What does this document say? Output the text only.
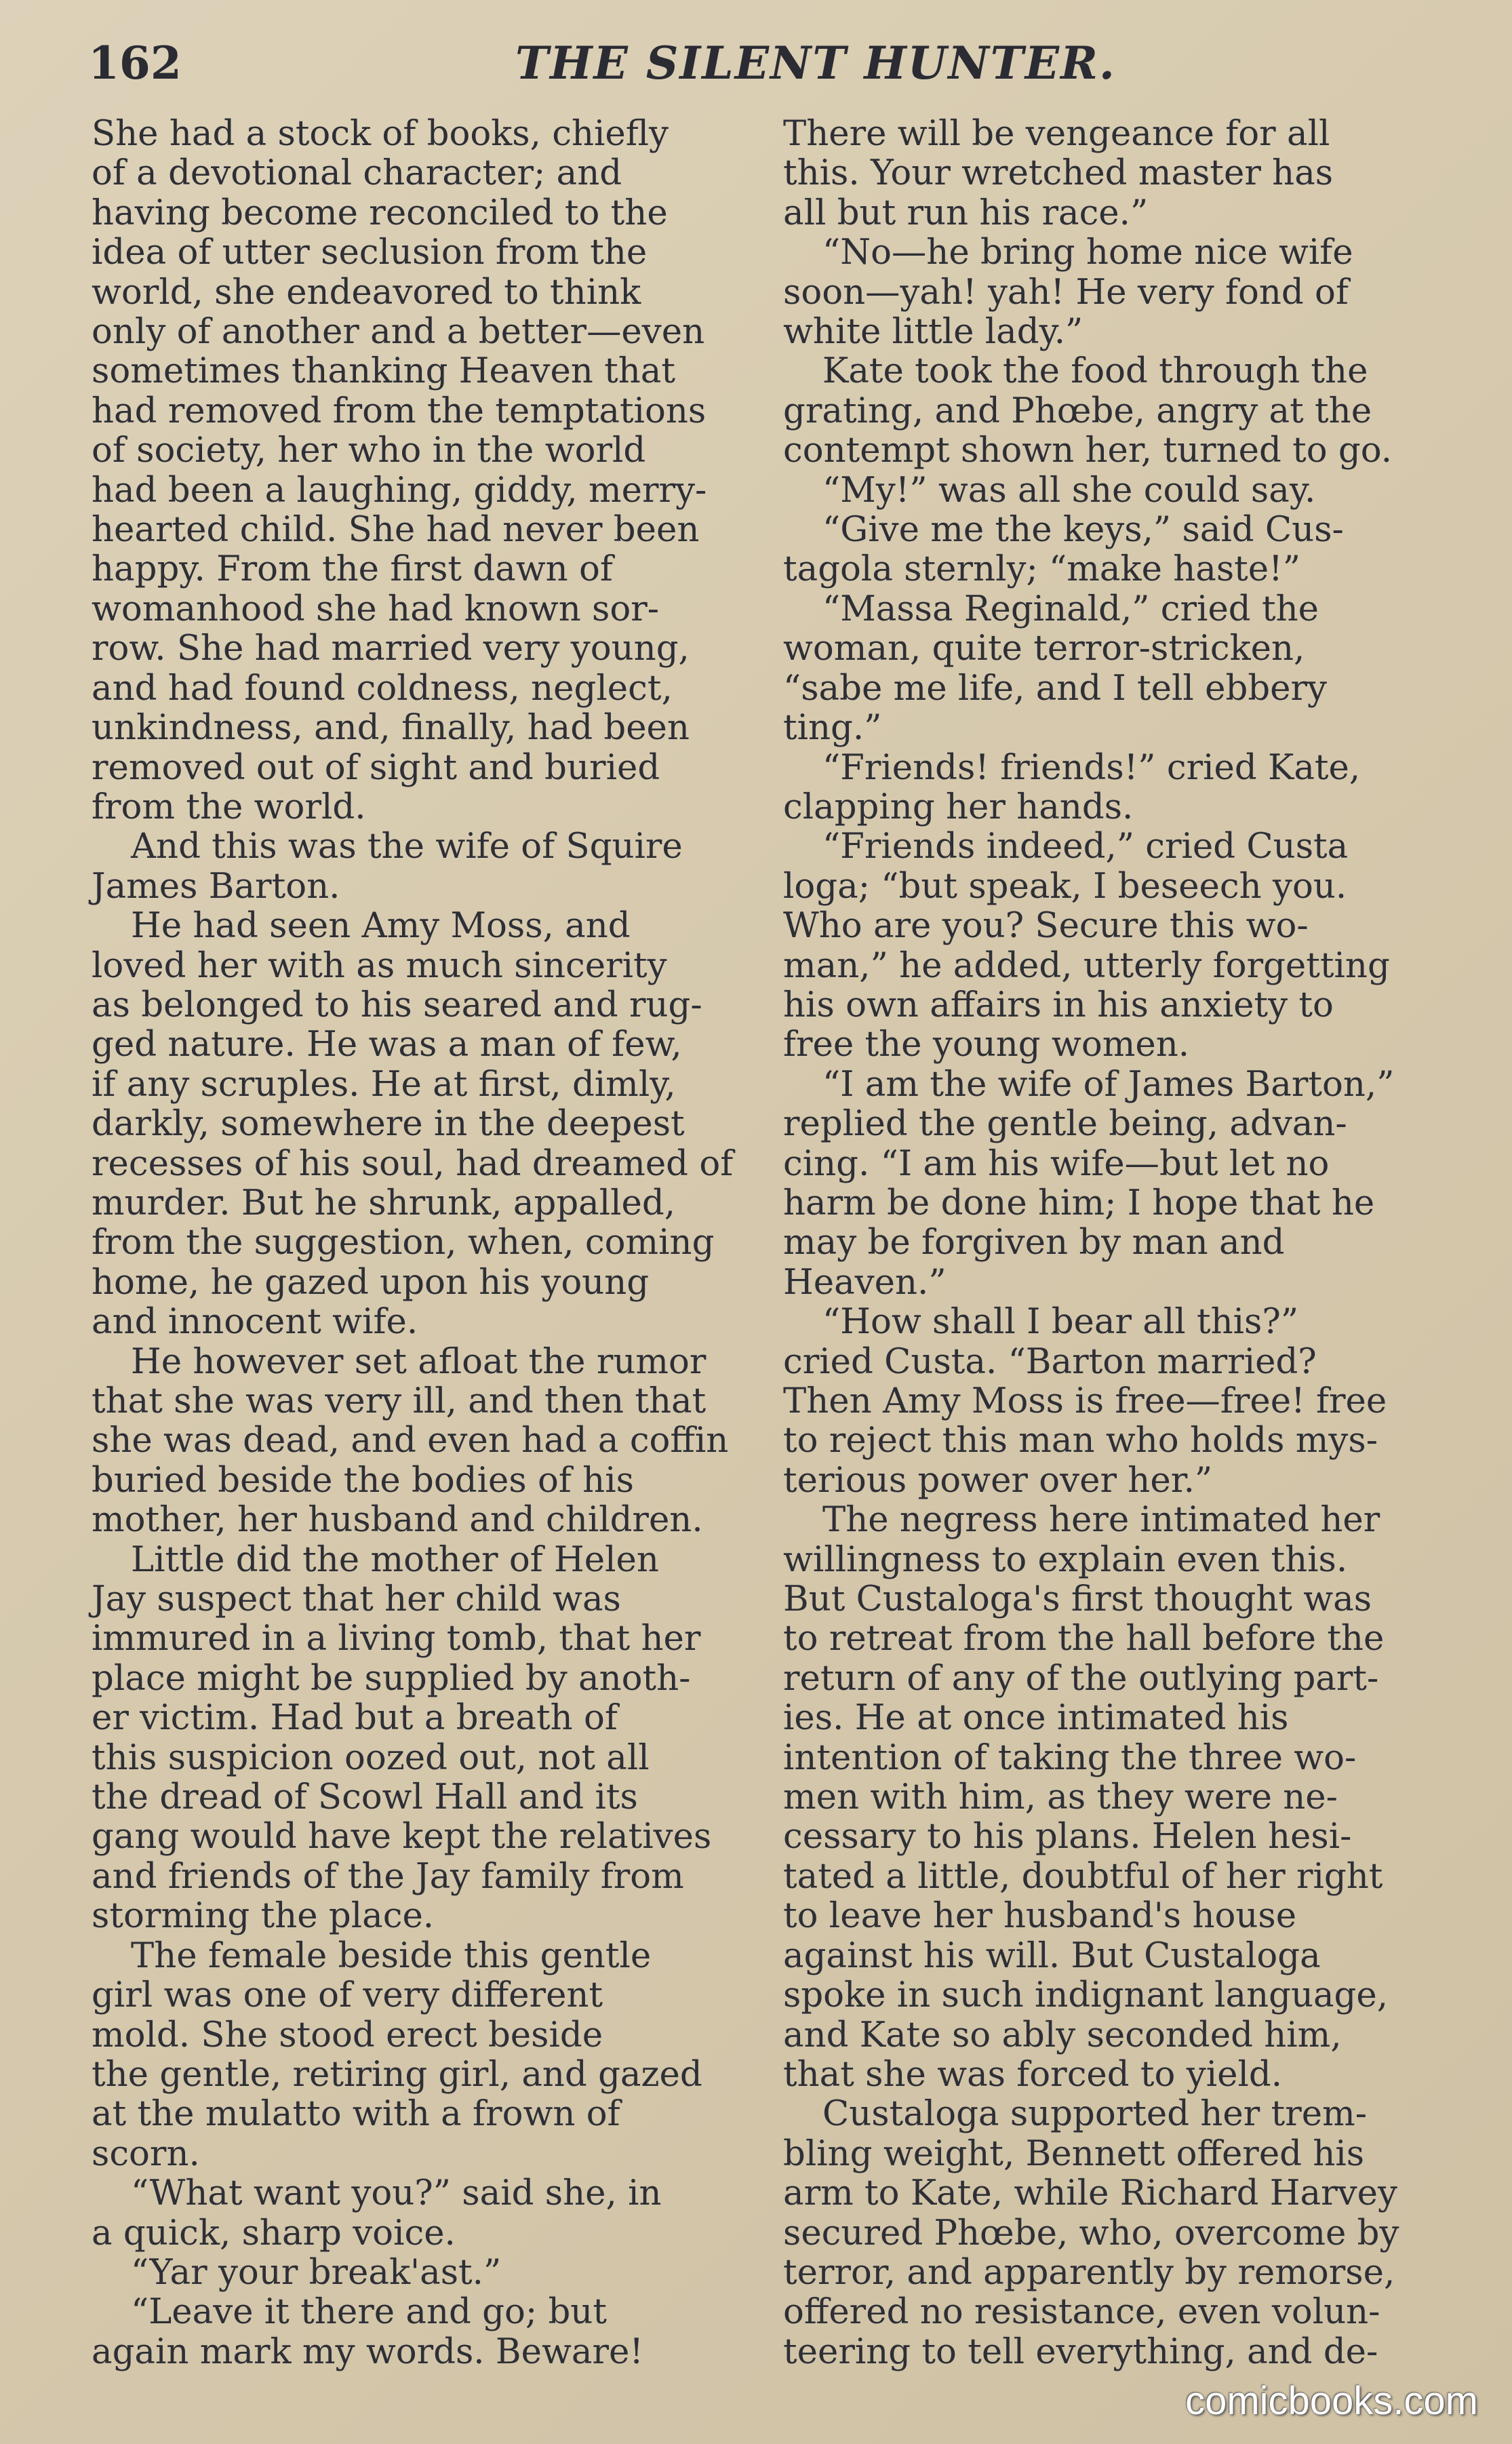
162	THE SILENT HUNTER.

She had a stock of books, chiefly
of a devotional character; and
having become reconciled to the
idea of utter seclusion from the
world, she endeavored to think
only of another and a better—even
sometimes thanking Heaven that
had removed from the temptations
of society, her who in the world
had been a laughing, giddy, merry-
hearted child. She had never been
happy. From the first dawn of
womanhood she had known sor-
row. She had married very young,
and had found coldness, neglect,
unkindness, and, finally, had been
removed out of sight and buried
from the world.

And this was the wife of Squire
James Barton.

He had seen Amy Moss, and
loved her with as much sincerity
as belonged to his seared and rug-
ged nature. He was a man of few,
if any scruples. He at first, dimly,
darkly, somewhere in the deepest
recesses of his soul, had dreamed of
murder. But he shrunk, appalled,
from the suggestion, when, coming
home, he gazed upon his young
and innocent wife.

He however set afloat the rumor
that she was very ill, and then that
she was dead, and even had a coffin
buried beside the bodies of his
mother, her husband and children.

Little did the mother of Helen
Jay suspect that her child was
immured in a living tomb, that her
place might be supplied by anoth-
er victim. Had but a breath of
this suspicion oozed out, not all
the dread of Scowl Hall and its
gang would have kept the relatives
and friends of the Jay family from
storming the place.

The female beside this gentle
girl was one of very different
mold. She stood erect beside
the gentle, retiring girl, and gazed
at the mulatto with a frown of
scorn.

“What want you?” said she, in
a quick, sharp voice.

“Yar your break'ast.”

“Leave it there and go; but
again mark my words. Beware!

There will be vengeance for all
this. Your wretched master has
all but run his race.”

“No—he bring home nice wife
soon—yah! yah! He very fond of
white little lady.”

Kate took the food through the
grating, and Phœbe, angry at the
contempt shown her, turned to go.

“My!” was all she could say.

“Give me the keys,” said Cus-
tagola sternly; “make haste!”

“Massa Reginald,” cried the
woman, quite terror-stricken,
“sabe me life, and I tell ebbery
ting.”

“Friends! friends!” cried Kate,
clapping her hands.

“Friends indeed,” cried Custa
loga; “but speak, I beseech you.
Who are you? Secure this wo-
man,” he added, utterly forgetting
his own affairs in his anxiety to
free the young women.

“I am the wife of James Barton,”
replied the gentle being, advan-
cing. “I am his wife—but let no
harm be done him; I hope that he
may be forgiven by man and
Heaven.”

“How shall I bear all this?”
cried Custa. “Barton married?
Then Amy Moss is free—free! free
to reject this man who holds mys-
terious power over her.”

The negress here intimated her
willingness to explain even this.
But Custaloga's first thought was
to retreat from the hall before the
return of any of the outlying part-
ies. He at once intimated his
intention of taking the three wo-
men with him, as they were ne-
cessary to his plans. Helen hesi-
tated a little, doubtful of her right
to leave her husband's house
against his will. But Custaloga
spoke in such indignant language,
and Kate so ably seconded him,
that she was forced to yield.

Custaloga supported her trem-
bling weight, Bennett offered his
arm to Kate, while Richard Harvey
secured Phœbe, who, overcome by
terror, and apparently by remorse,
offered no resistance, even volun-
teering to tell everything, and de-

comicbooks.com
